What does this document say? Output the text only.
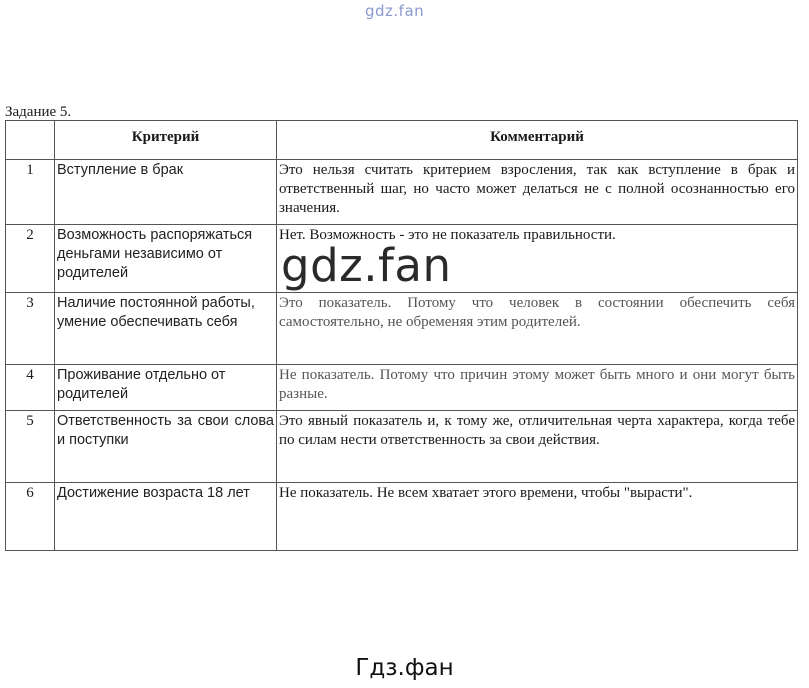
gdz.fan
Задание 5.
	Критерий	Комментарий
1	Вступление в брак	Это нельзя считать критерием взросления, так как вступление в брак и ответственный шаг, но часто может делаться не с полной осознанностью его значения.
2	Возможность распоряжаться деньгами независимо от родителей	Нет. Возможность - это не показатель правильности.
3	Наличие постоянной работы, умение обеспечивать себя	Это показатель. Потому что человек в состоянии обеспечить себя самостоятельно, не обременяя этим родителей.
4	Проживание отдельно от родителей	Не показатель. Потому что причин этому может быть много и они могут быть разные.
5	Ответственность за свои слова и поступки	Это явный показатель и, к тому же, отличительная черта характера, когда тебе по силам нести ответственность за свои действия.
6	Достижение возраста 18 лет	Не показатель. Не всем хватает этого времени, чтобы "вырасти".
gdz.fan
Гдз.фан
